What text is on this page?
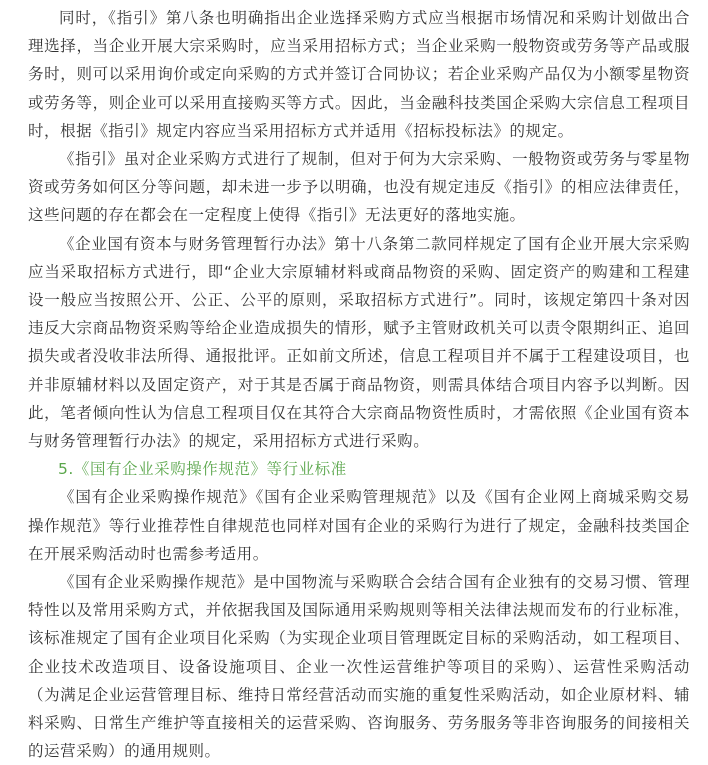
同时，《指引》第八条也明确指出企业选择采购方式应当根据市场情况和采购计划做出合理选择，当企业开展大宗采购时，应当采用招标方式；当企业采购一般物资或劳务等产品或服务时，则可以采用询价或定向采购的方式并签订合同协议；若企业采购产品仅为小额零星物资或劳务等，则企业可以采用直接购买等方式。因此，当金融科技类国企采购大宗信息工程项目时，根据《指引》规定内容应当采用招标方式并适用《招标投标法》的规定。

《指引》虽对企业采购方式进行了规制，但对于何为大宗采购、一般物资或劳务与零星物资或劳务如何区分等问题，却未进一步予以明确，也没有规定违反《指引》的相应法律责任，这些问题的存在都会在一定程度上使得《指引》无法更好的落地实施。

《企业国有资本与财务管理暂行办法》第十八条第二款同样规定了国有企业开展大宗采购应当采取招标方式进行，即“企业大宗原辅材料或商品物资的采购、固定资产的购建和工程建设一般应当按照公开、公正、公平的原则，采取招标方式进行”。同时，该规定第四十条对因违反大宗商品物资采购等给企业造成损失的情形，赋予主管财政机关可以责令限期纠正、追回损失或者没收非法所得、通报批评。正如前文所述，信息工程项目并不属于工程建设项目，也并非原辅材料以及固定资产，对于其是否属于商品物资，则需具体结合项目内容予以判断。因此，笔者倾向性认为信息工程项目仅在其符合大宗商品物资性质时，才需依照《企业国有资本与财务管理暂行办法》的规定，采用招标方式进行采购。

5.《国有企业采购操作规范》等行业标准

《国有企业采购操作规范》《国有企业采购管理规范》以及《国有企业网上商城采购交易操作规范》等行业推荐性自律规范也同样对国有企业的采购行为进行了规定，金融科技类国企在开展采购活动时也需参考适用。

《国有企业采购操作规范》是中国物流与采购联合会结合国有企业独有的交易习惯、管理特性以及常用采购方式，并依据我国及国际通用采购规则等相关法律法规而发布的行业标准，该标准规定了国有企业项目化采购（为实现企业项目管理既定目标的采购活动，如工程项目、企业技术改造项目、设备设施项目、企业一次性运营维护等项目的采购）、运营性采购活动（为满足企业运营管理目标、维持日常经营活动而实施的重复性采购活动，如企业原材料、辅料采购、日常生产维护等直接相关的运营采购、咨询服务、劳务服务等非咨询服务的间接相关的运营采购）的通用规则。
